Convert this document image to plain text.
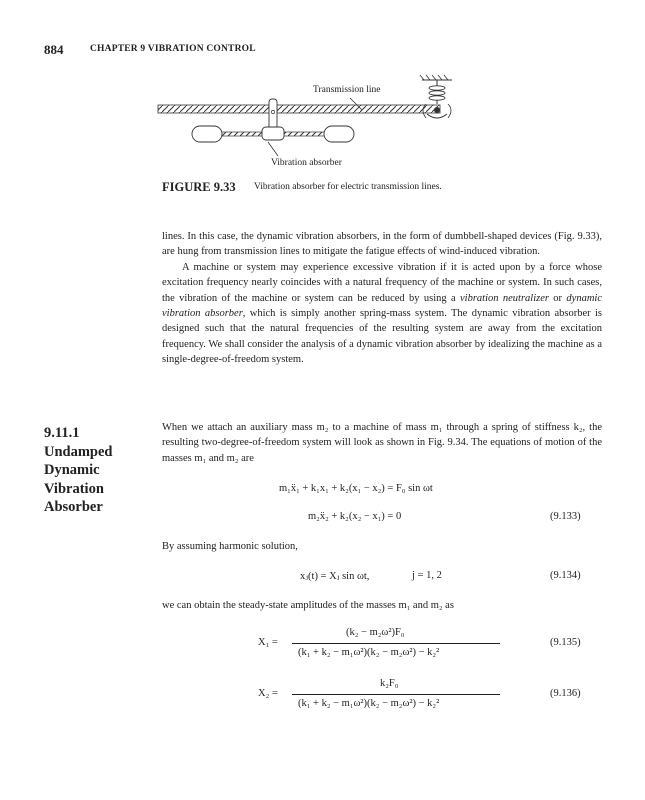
884	CHAPTER 9 VIBRATION CONTROL
Transmission line
Vibration absorber
FIGURE 9.33 Vibration absorber for electric transmission lines.

lines. In this case, the dynamic vibration absorbers, in the form of dumbbell-shaped devices (Fig. 9.33), are hung from transmission lines to mitigate the fatigue effects of wind-induced vibration.

A machine or system may experience excessive vibration if it is acted upon by a force whose excitation frequency nearly coincides with a natural frequency of the machine or system. In such cases, the vibration of the machine or system can be reduced by using a vibration neutralizer or dynamic vibration absorber, which is simply another spring-mass system. The dynamic vibration absorber is designed such that the natural frequencies of the resulting system are away from the excitation frequency. We shall consider the analysis of a dynamic vibration absorber by idealizing the machine as a single-degree-of-freedom system.

9.11.1
Undamped
Dynamic
Vibration
Absorber
When we attach an auxiliary mass m₂ to a machine of mass m₁ through a spring of stiffness k₂, the resulting two-degree-of-freedom system will look as shown in Fig. 9.34. The equations of motion of the masses m₁ and m₂ are
m₁ẍ₁ + k₁x₁ + k₂(x₁ − x₂) = F₀ sin ωt
m₂ẍ₂ + k₂(x₂ − x₁) = 0	(9.133)
By assuming harmonic solution,
xⱼ(t) = Xⱼ sin ωt,	j = 1, 2	(9.134)
we can obtain the steady-state amplitudes of the masses m₁ and m₂ as
X₁ =
(k₂ − m₂ω²)F₀
(k₁ + k₂ − m₁ω²)(k₂ − m₂ω²) − k₂²
(9.135)
X₂ =
k₂F₀
(k₁ + k₂ − m₁ω²)(k₂ − m₂ω²) − k₂²
(9.136)
